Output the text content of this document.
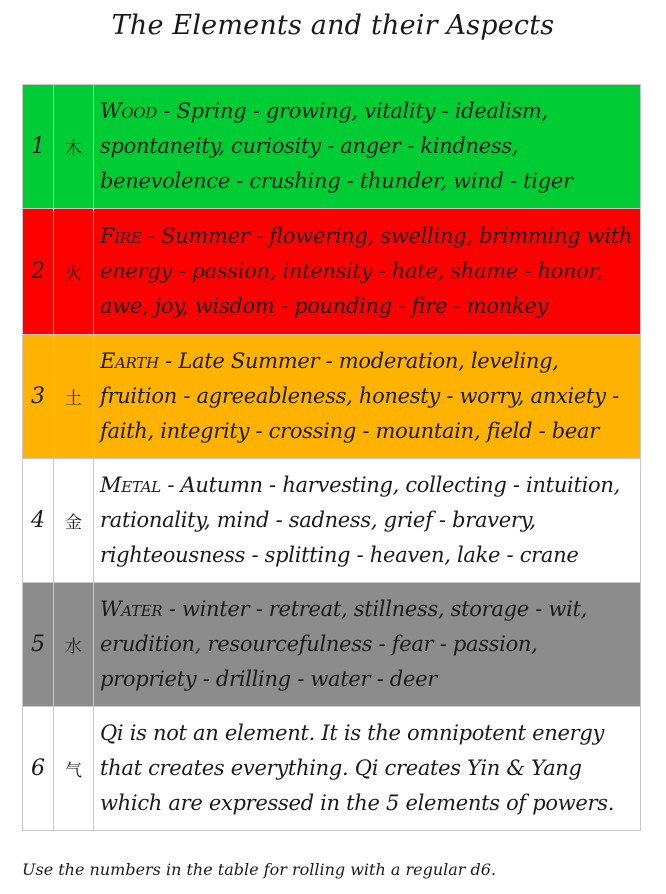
The Elements and their Aspects
1	木	Wood - Spring - growing, vitality - idealism, spontaneity, curiosity - anger - kindness, benevolence - crushing - thunder, wind - tiger
2	火	Fire - Summer - flowering, swelling, brimming with energy - passion, intensity - hate, shame - honor, awe, joy, wisdom - pounding - fire - monkey
3	土	Earth - Late Summer - moderation, leveling, fruition - agreeableness, honesty - worry, anxiety - faith, integrity - crossing - mountain, field - bear
4	金	Metal - Autumn - harvesting, collecting - intuition, rationality, mind - sadness, grief - bravery, righteousness - splitting - heaven, lake - crane
5	水	Water - winter - retreat, stillness, storage - wit, erudition, resourcefulness - fear - passion, propriety - drilling - water - deer
6	气	Qi is not an element. It is the omnipotent energy that creates everything. Qi creates Yin & Yang which are expressed in the 5 elements of powers.
Use the numbers in the table for rolling with a regular d6.
